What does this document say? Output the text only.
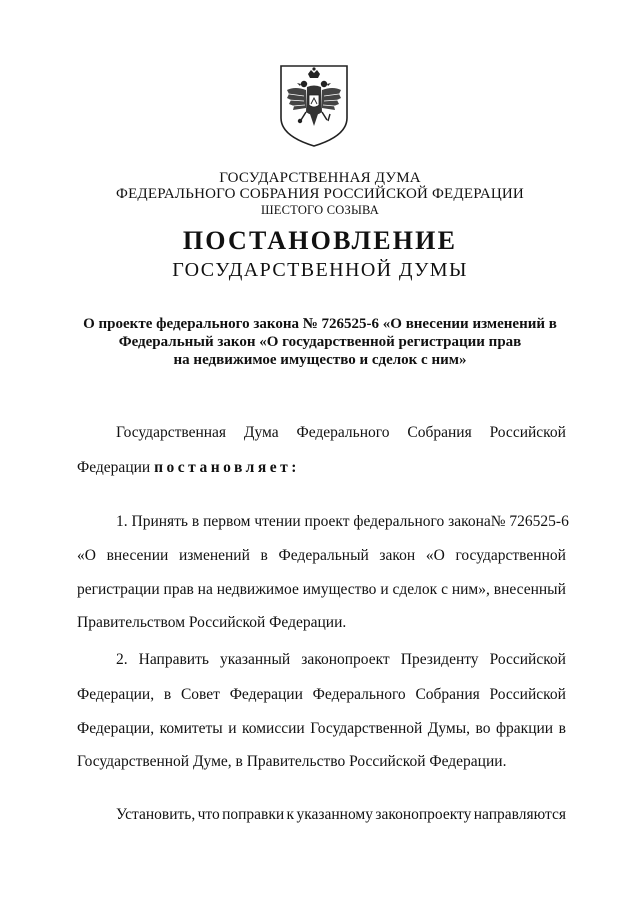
ГОСУДАРСТВЕННАЯ ДУМА
ФЕДЕРАЛЬНОГО СОБРАНИЯ РОССИЙСКОЙ ФЕДЕРАЦИИ
ШЕСТОГО СОЗЫВА
ПОСТАНОВЛЕНИЕ
ГОСУДАРСТВЕННОЙ ДУМЫ
О проекте федерального закона № 726525-6 «О внесении изменений в
Федеральный закон «О государственной регистрации прав
на недвижимое имущество и сделок с ним»
Государственная Дума Федерального Собрания Российской
Федерации постановляет:
1. Принять в первом чтении проект федерального закона № 726525-6
«О внесении изменений в Федеральный закон «О государственной
регистрации прав на недвижимое имущество и сделок с ним», внесенный
Правительством Российской Федерации.
2. Направить указанный законопроект Президенту Российской
Федерации, в Совет Федерации Федерального Собрания Российской
Федерации, комитеты и комиссии Государственной Думы, во фракции в
Государственной Думе, в Правительство Российской Федерации.
Установить, что поправки к указанному законопроекту направляются
